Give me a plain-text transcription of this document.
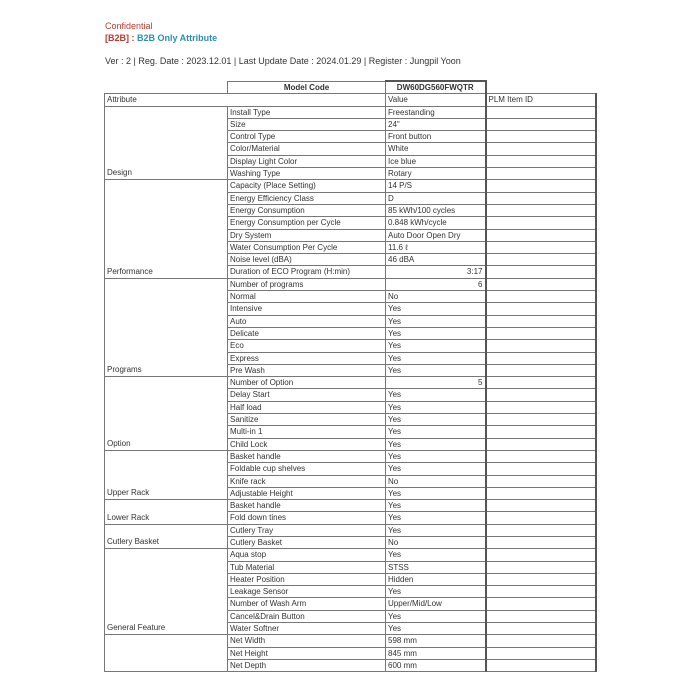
Confidential
[B2B] : B2B Only Attribute
Ver : 2 | Reg. Date : 2023.12.01 | Last Update Date : 2024.01.29 | Register : Jungpil Yoon
	Model Code	DW60DG560FWQTR	
Attribute		Value	PLM Item ID
Design	Install Type	Freestanding	
	Size	24"	
	Control Type	Front button	
	Color/Material	White	
	Display Light Color	Ice blue	
	Washing Type	Rotary	
Performance	Capacity (Place Setting)	14 P/S	
	Energy Efficiency Class	D	
	Energy Consumption	85 kWh/100 cycles	
	Energy Consumption per Cycle	0.848 kWh/cycle	
	Dry System	Auto Door Open Dry	
	Water Consumption Per Cycle	11.6 ℓ	
	Noise level (dBA)	46 dBA	
	Duration of ECO Program (H:min)	3:17	
Programs	Number of programs	6	
	Normal	No	
	Intensive	Yes	
	Auto	Yes	
	Delicate	Yes	
	Eco	Yes	
	Express	Yes	
	Pre Wash	Yes	
Option	Number of Option	5	
	Delay Start	Yes	
	Half load	Yes	
	Sanitize	Yes	
	Multi-in 1	Yes	
	Child Lock	Yes	
Upper Rack	Basket handle	Yes	
	Foldable cup shelves	Yes	
	Knife rack	No	
	Adjustable Height	Yes	
Lower Rack	Basket handle	Yes	
	Fold down tines	Yes	
Cutlery Basket	Cutlery Tray	Yes	
	Cutlery Basket	No	
General Feature	Aqua stop	Yes	
	Tub Material	STSS	
	Heater Position	Hidden	
	Leakage Sensor	Yes	
	Number of Wash Arm	Upper/Mid/Low	
	Cancel&Drain Button	Yes	
	Water Softner	Yes	
	Net Width	598 mm	
	Net Height	845 mm	
	Net Depth	600 mm	
